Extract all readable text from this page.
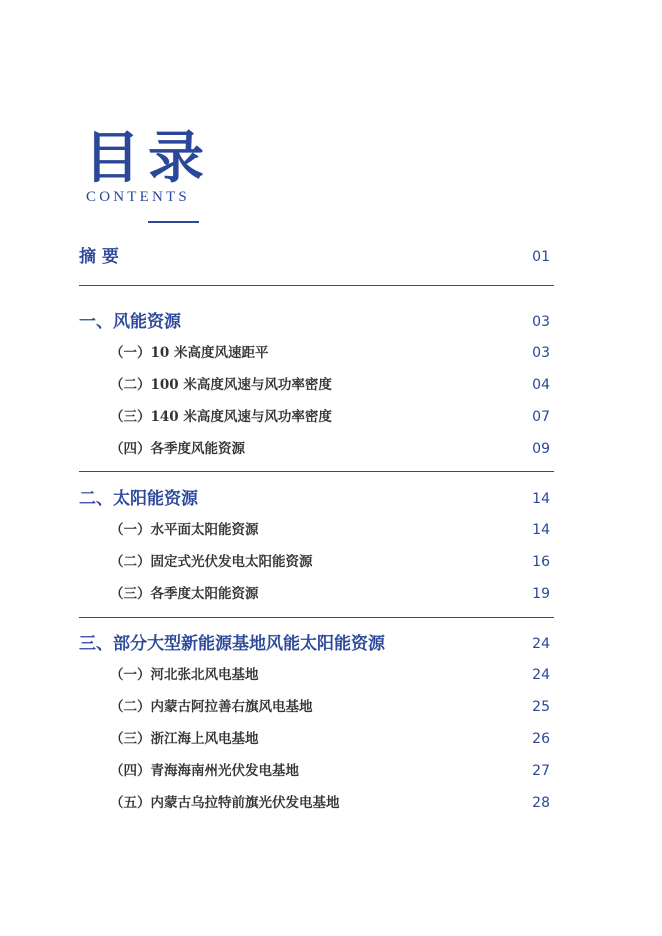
目录
CONTENTS
摘 要	01
一、风能资源	03
（一）10 米高度风速距平	03
（二）100 米高度风速与风功率密度	04
（三）140 米高度风速与风功率密度	07
（四）各季度风能资源	09
二、太阳能资源	14
（一）水平面太阳能资源	14
（二）固定式光伏发电太阳能资源	16
（三）各季度太阳能资源	19
三、部分大型新能源基地风能太阳能资源	24
（一）河北张北风电基地	24
（二）内蒙古阿拉善右旗风电基地	25
（三）浙江海上风电基地	26
（四）青海海南州光伏发电基地	27
（五）内蒙古乌拉特前旗光伏发电基地	28
